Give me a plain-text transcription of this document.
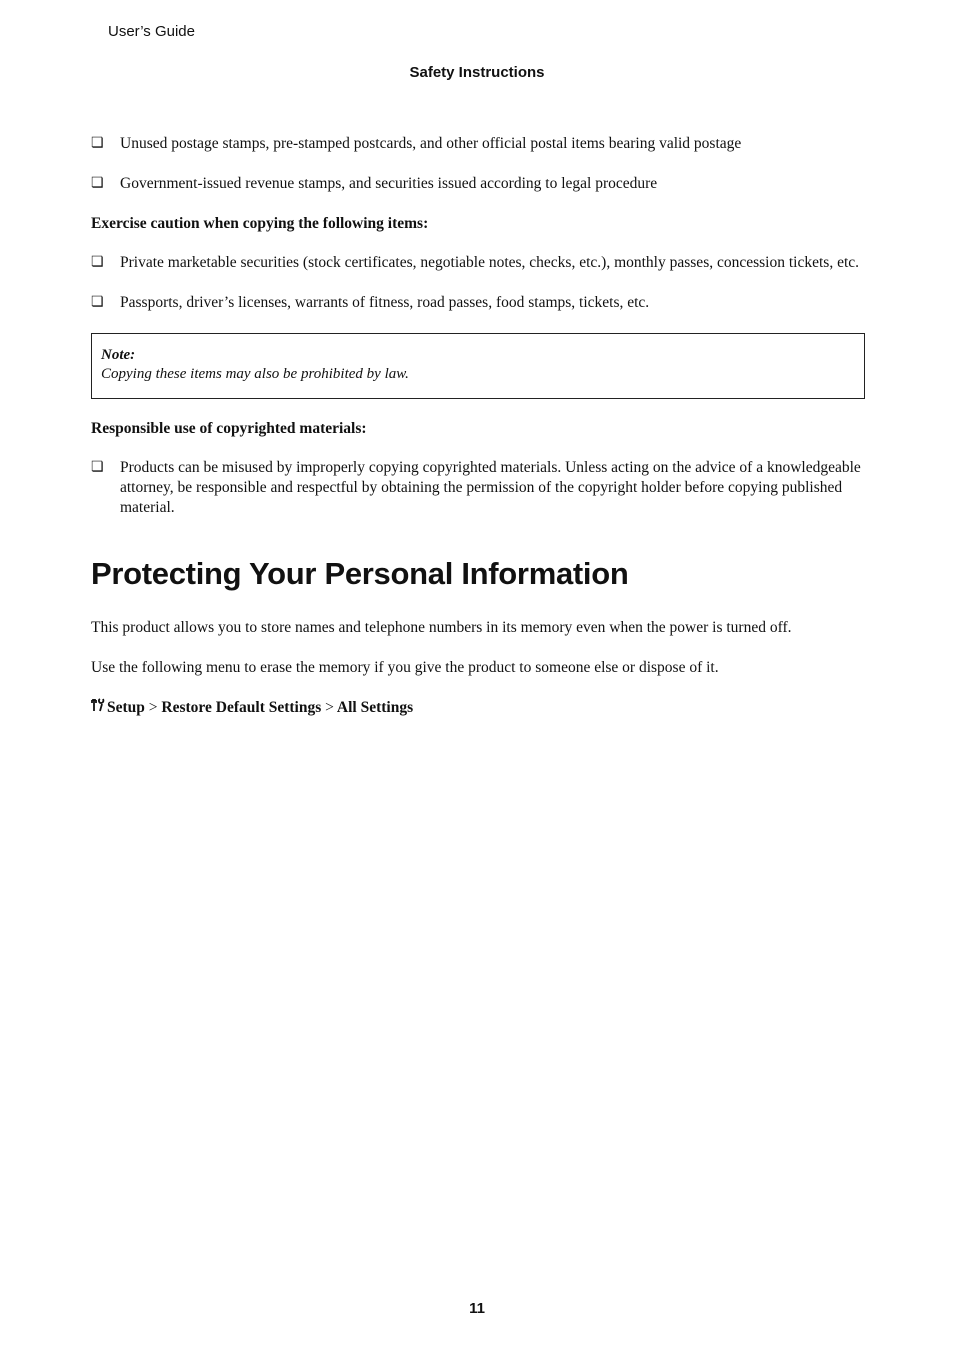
User’s Guide
Safety Instructions
❏ Unused postage stamps, pre-stamped postcards, and other official postal items bearing valid postage
❏ Government-issued revenue stamps, and securities issued according to legal procedure
Exercise caution when copying the following items:
❏ Private marketable securities (stock certificates, negotiable notes, checks, etc.), monthly passes, concession tickets, etc.
❏ Passports, driver’s licenses, warrants of fitness, road passes, food stamps, tickets, etc.
Note:
Copying these items may also be prohibited by law.
Responsible use of copyrighted materials:
❏ Products can be misused by improperly copying copyrighted materials. Unless acting on the advice of a knowledgeable attorney, be responsible and respectful by obtaining the permission of the copyright holder before copying published material.
Protecting Your Personal Information

This product allows you to store names and telephone numbers in its memory even when the power is turned off.

Use the following menu to erase the memory if you give the product to someone else or dispose of it.

Setup > Restore Default Settings > All Settings
11
